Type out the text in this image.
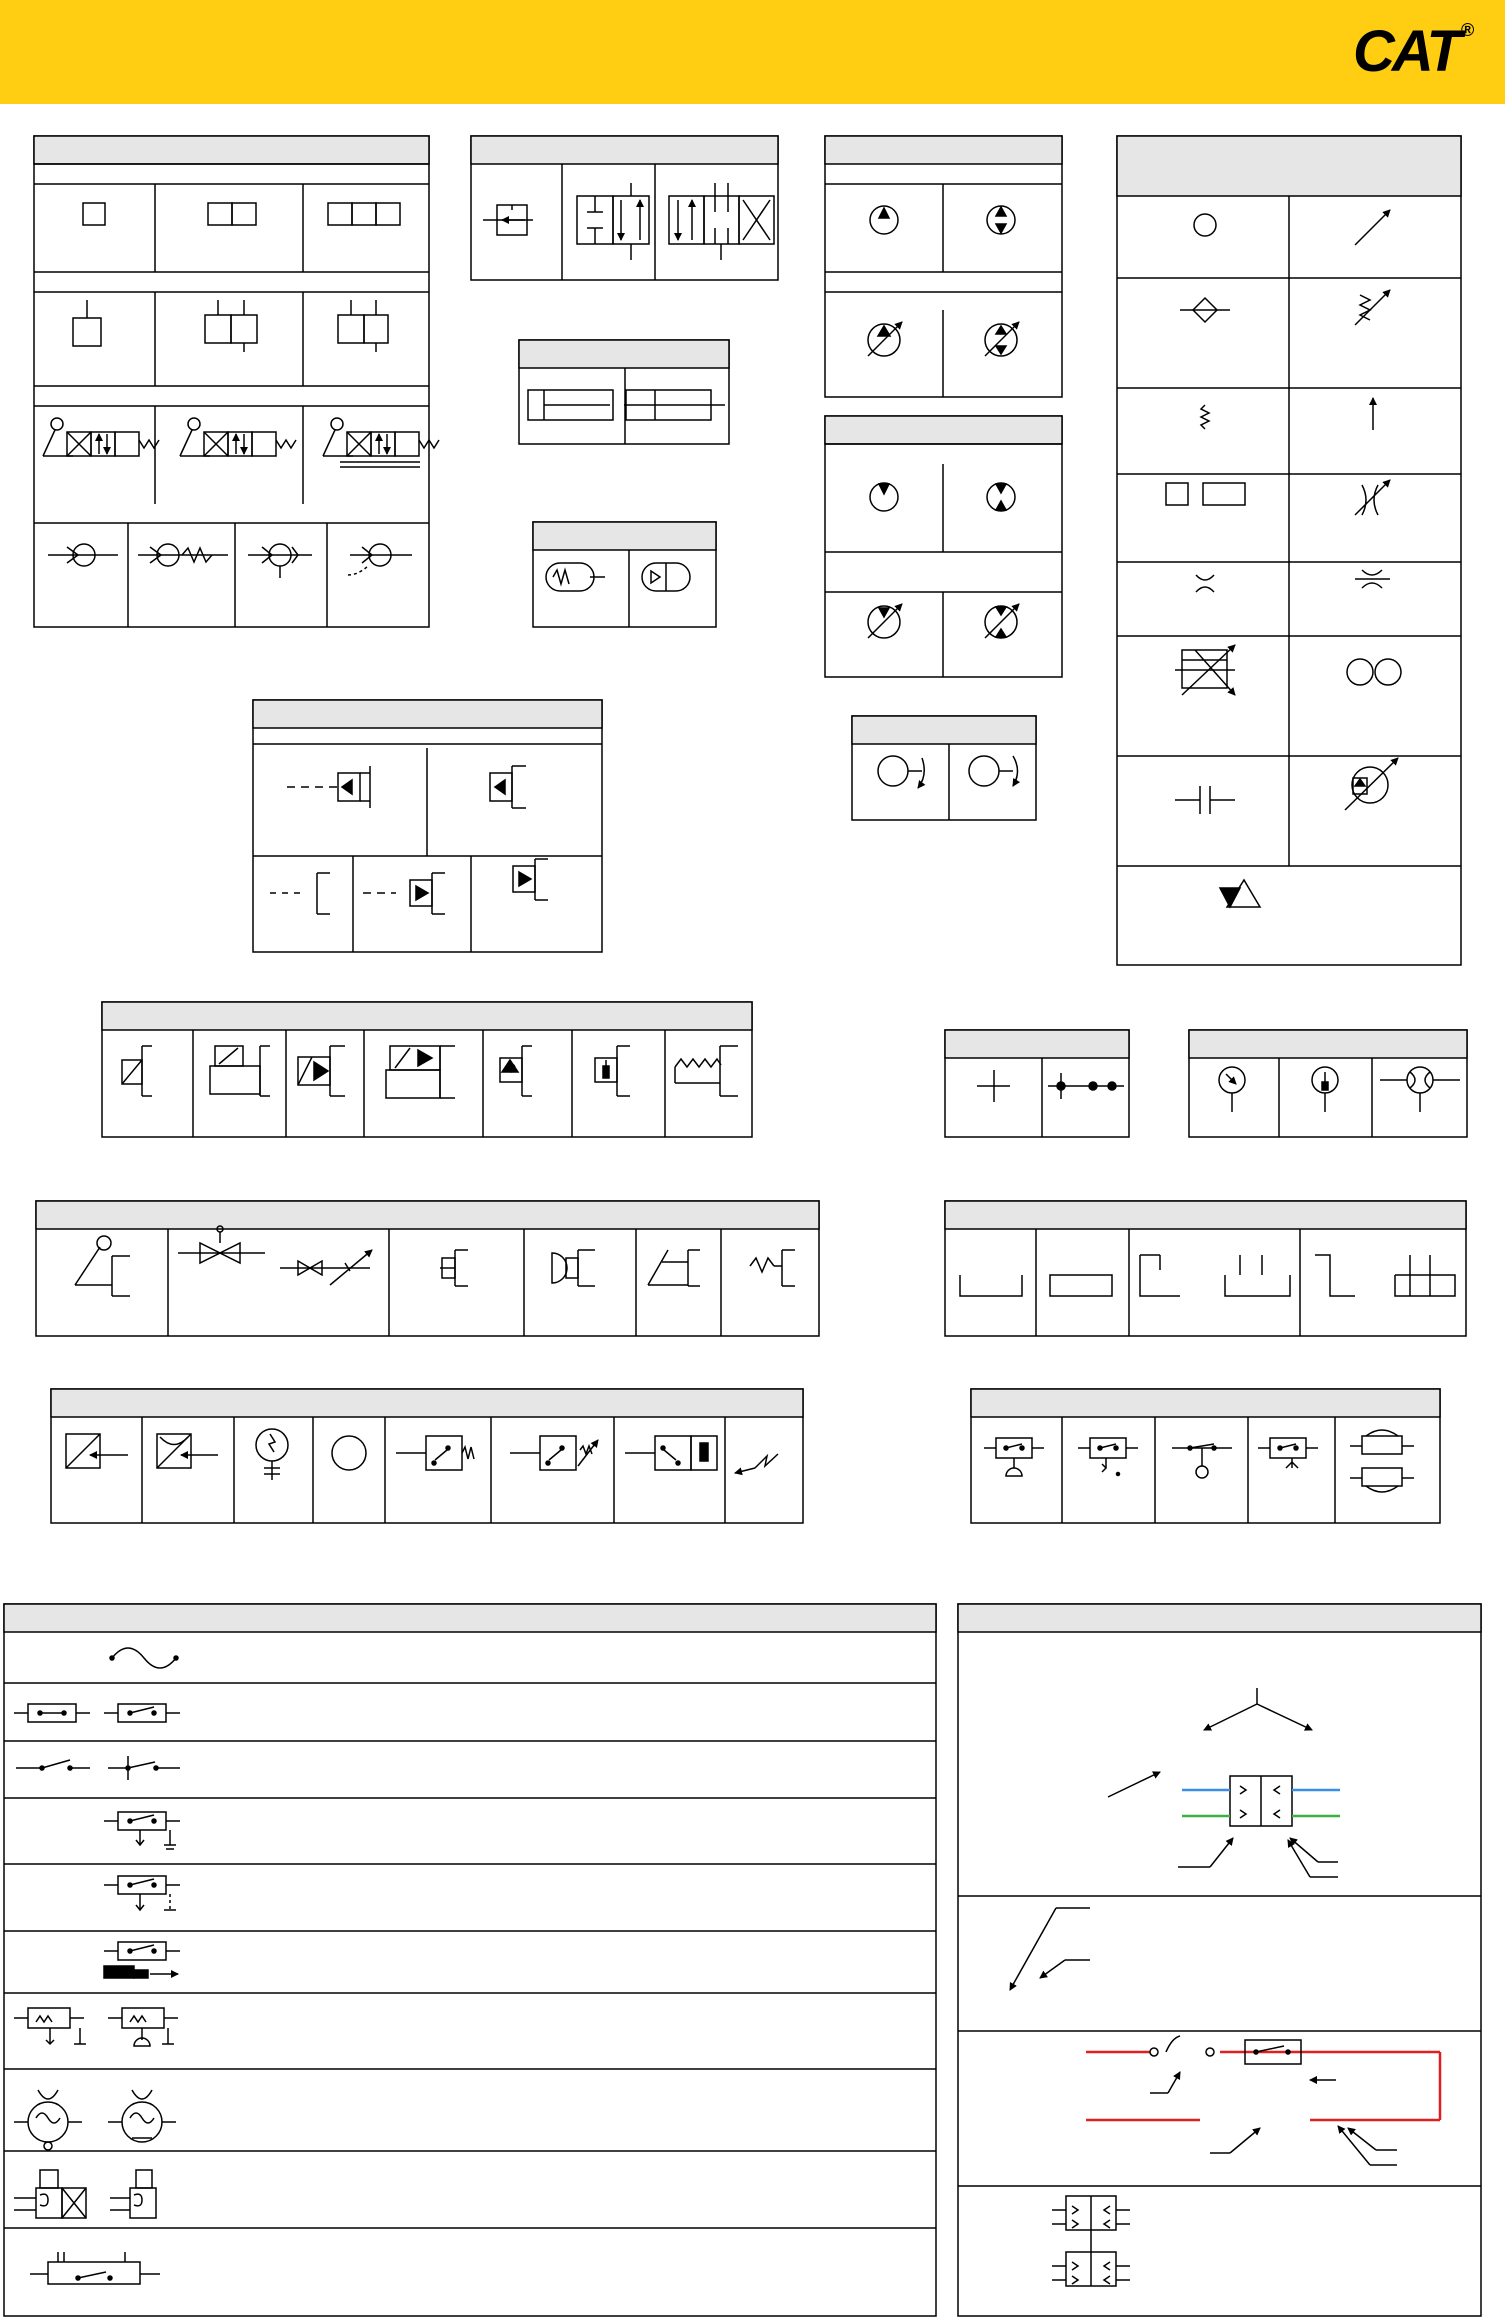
CAT ®
